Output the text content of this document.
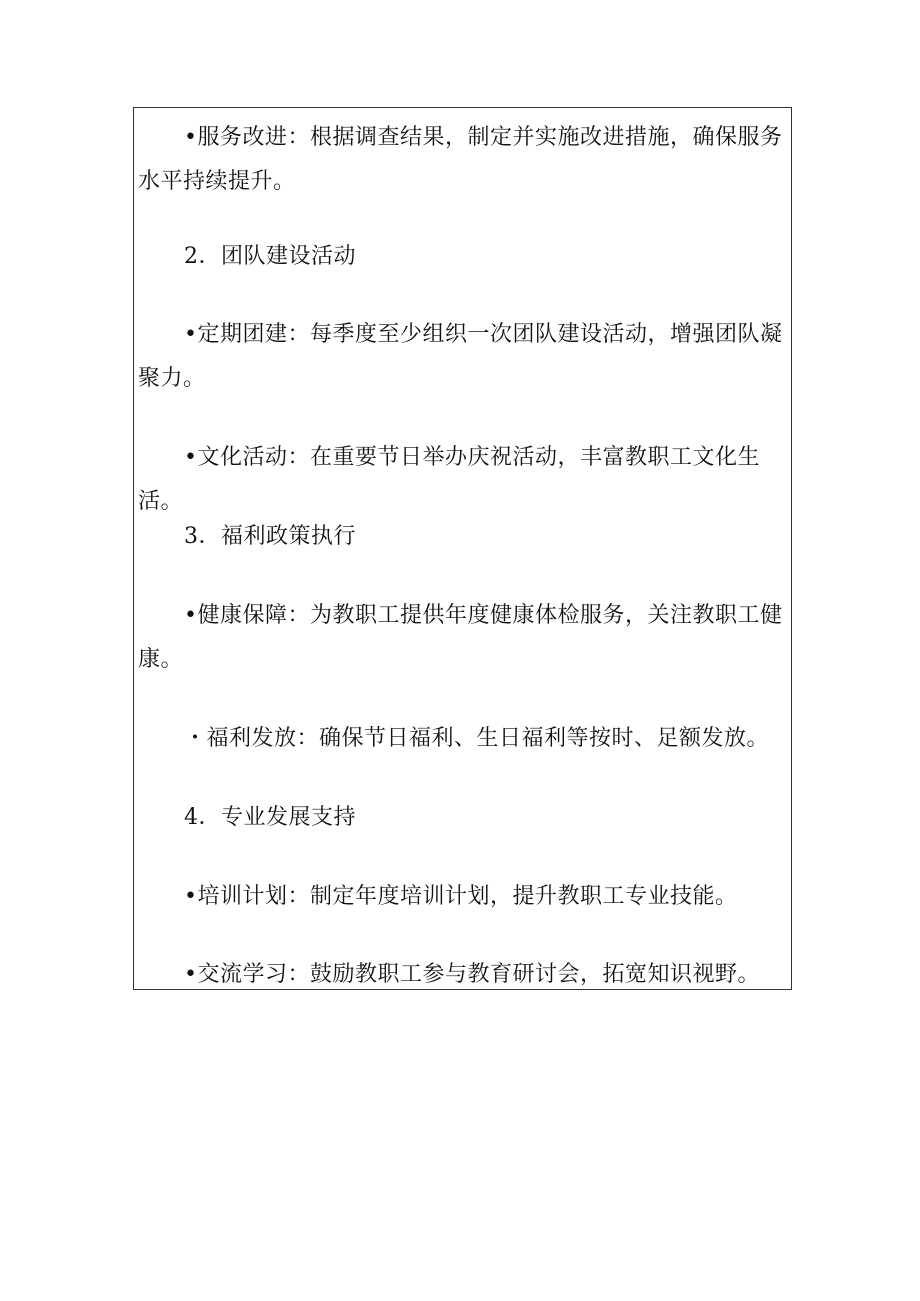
•服务改进：根据调查结果，制定并实施改进措施，确保服务水平持续提升。
2．团队建设活动
•定期团建：每季度至少组织一次团队建设活动，增强团队凝聚力。
•文化活动：在重要节日举办庆祝活动，丰富教职工文化生活。
3．福利政策执行
•健康保障：为教职工提供年度健康体检服务，关注教职工健康。
・福利发放：确保节日福利、生日福利等按时、足额发放。
4．专业发展支持
•培训计划：制定年度培训计划，提升教职工专业技能。
•交流学习：鼓励教职工参与教育研讨会，拓宽知识视野。
